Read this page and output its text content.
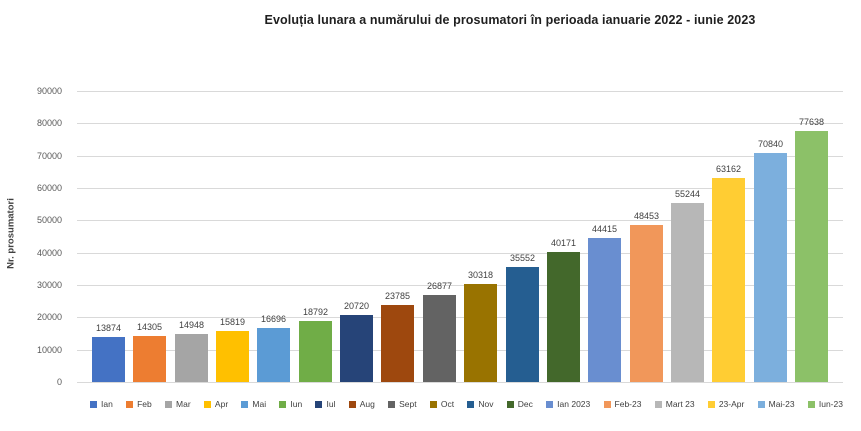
Evoluția lunara a numărului de prosumatori în perioada ianuarie 2022 - iunie 2023
Nr. prosumatori
13874	14305	14948	15819	16696
18792
20720
23785
26877
30318
35552
40171
44415
48453
55244
63162
70840
77638
0
10000
20000
30000
40000
50000
60000
70000
80000
90000
Ian	Feb	Mar	Apr	Mai	Iun	Iul	Aug	Sept	Oct	Nov	Dec	Ian 2023	Feb-23	Mart 23	23-Apr	Mai-23	Iun-23
